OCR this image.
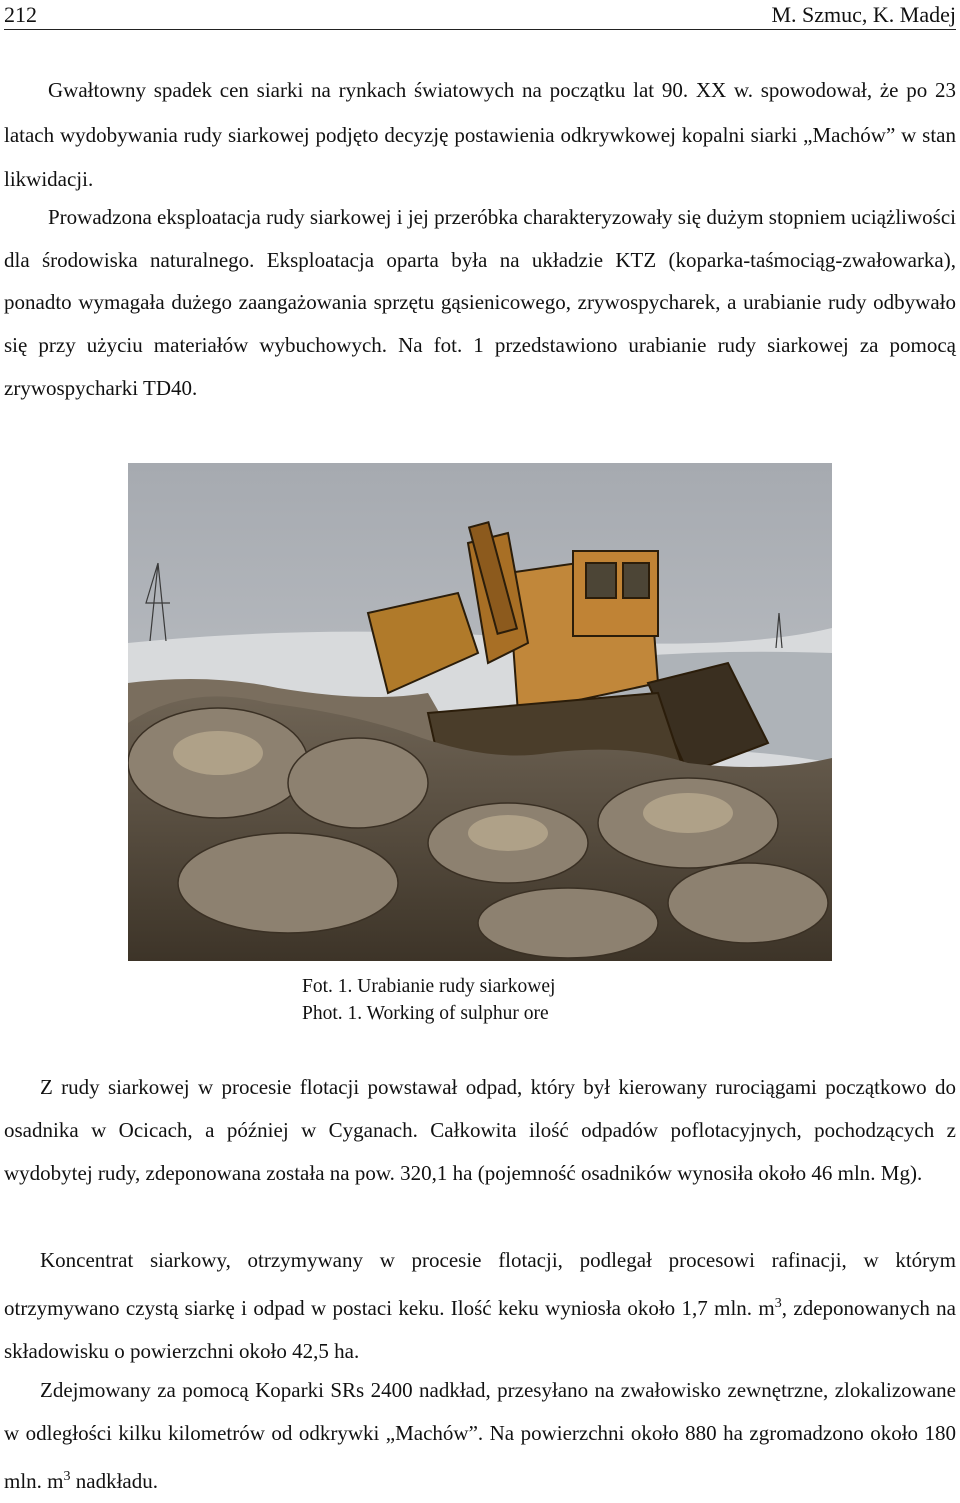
212	M. Szmuc, K. Madej

Gwałtowny spadek cen siarki na rynkach światowych na początku lat 90. XX w. spowodował, że po 23 latach wydobywania rudy siarkowej podjęto decyzję postawienia odkrywkowej kopalni siarki „Machów” w stan likwidacji.

Prowadzona eksploatacja rudy siarkowej i jej przeróbka charakteryzowały się dużym stopniem uciążliwości dla środowiska naturalnego. Eksploatacja oparta była na układzie KTZ (koparka-taśmociąg-zwałowarka), ponadto wymagała dużego zaangażowania sprzętu gąsienicowego, zrywospycharek, a urabianie rudy odbywało się przy użyciu materiałów wybuchowych. Na fot. 1 przedstawiono urabianie rudy siarkowej za pomocą zrywospycharki TD40.

Fot. 1. Urabianie rudy siarkowej
Phot. 1. Working of sulphur ore

Z rudy siarkowej w procesie flotacji powstawał odpad, który był kierowany rurociągami początkowo do osadnika w Ocicach, a później w Cyganach. Całkowita ilość odpadów poflotacyjnych, pochodzących z wydobytej rudy, zdeponowana została na pow. 320,1 ha (pojemność osadników wynosiła około 46 mln. Mg).

Koncentrat siarkowy, otrzymywany w procesie flotacji, podlegał procesowi rafinacji, w którym otrzymywano czystą siarkę i odpad w postaci keku. Ilość keku wyniosła około 1,7 mln. $m^3$, zdeponowanych na składowisku o powierzchni około 42,5 ha.

Zdejmowany za pomocą Koparki SRs 2400 nadkład, przesyłano na zwałowisko zewnętrzne, zlokalizowane w odległości kilku kilometrów od odkrywki „Machów”. Na powierzchni około 880 ha zgromadzono około 180 mln. $m^3$ nadkładu.
